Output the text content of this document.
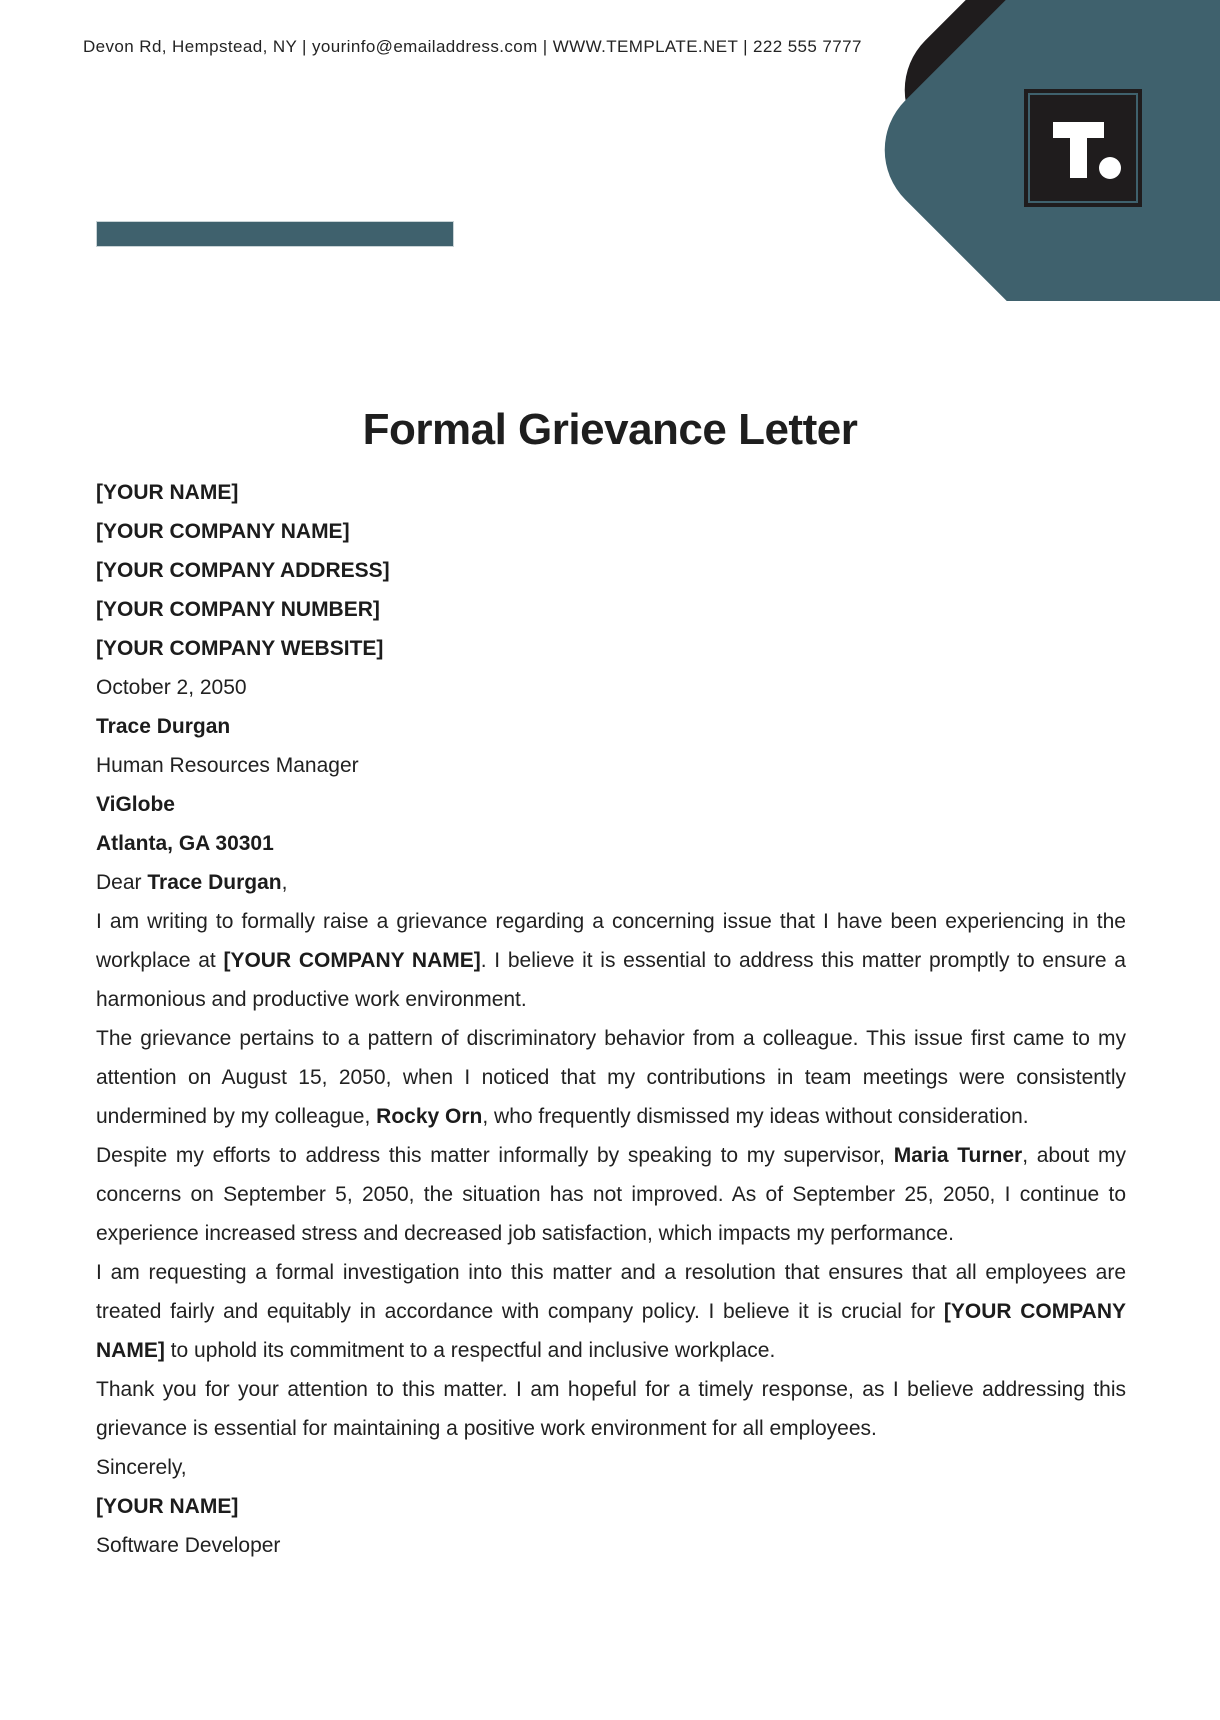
Devon Rd, Hempstead, NY | yourinfo@emailaddress.com | WWW.TEMPLATE.NET | 222 555 7777
Formal Grievance Letter
[YOUR NAME]
[YOUR COMPANY NAME]
[YOUR COMPANY ADDRESS]
[YOUR COMPANY NUMBER]
[YOUR COMPANY WEBSITE]
October 2, 2050
Trace Durgan
Human Resources Manager
ViGlobe
Atlanta, GA 30301

Dear Trace Durgan,

I am writing to formally raise a grievance regarding a concerning issue that I have been experiencing in the workplace at [YOUR COMPANY NAME]. I believe it is essential to address this matter promptly to ensure a harmonious and productive work environment.

The grievance pertains to a pattern of discriminatory behavior from a colleague. This issue first came to my attention on August 15, 2050, when I noticed that my contributions in team meetings were consistently undermined by my colleague, Rocky Orn, who frequently dismissed my ideas without consideration.

Despite my efforts to address this matter informally by speaking to my supervisor, Maria Turner, about my concerns on September 5, 2050, the situation has not improved. As of September 25, 2050, I continue to experience increased stress and decreased job satisfaction, which impacts my performance.

I am requesting a formal investigation into this matter and a resolution that ensures that all employees are treated fairly and equitably in accordance with company policy. I believe it is crucial for [YOUR COMPANY NAME] to uphold its commitment to a respectful and inclusive workplace.

Thank you for your attention to this matter. I am hopeful for a timely response, as I believe addressing this grievance is essential for maintaining a positive work environment for all employees.

Sincerely,

[YOUR NAME]

Software Developer
